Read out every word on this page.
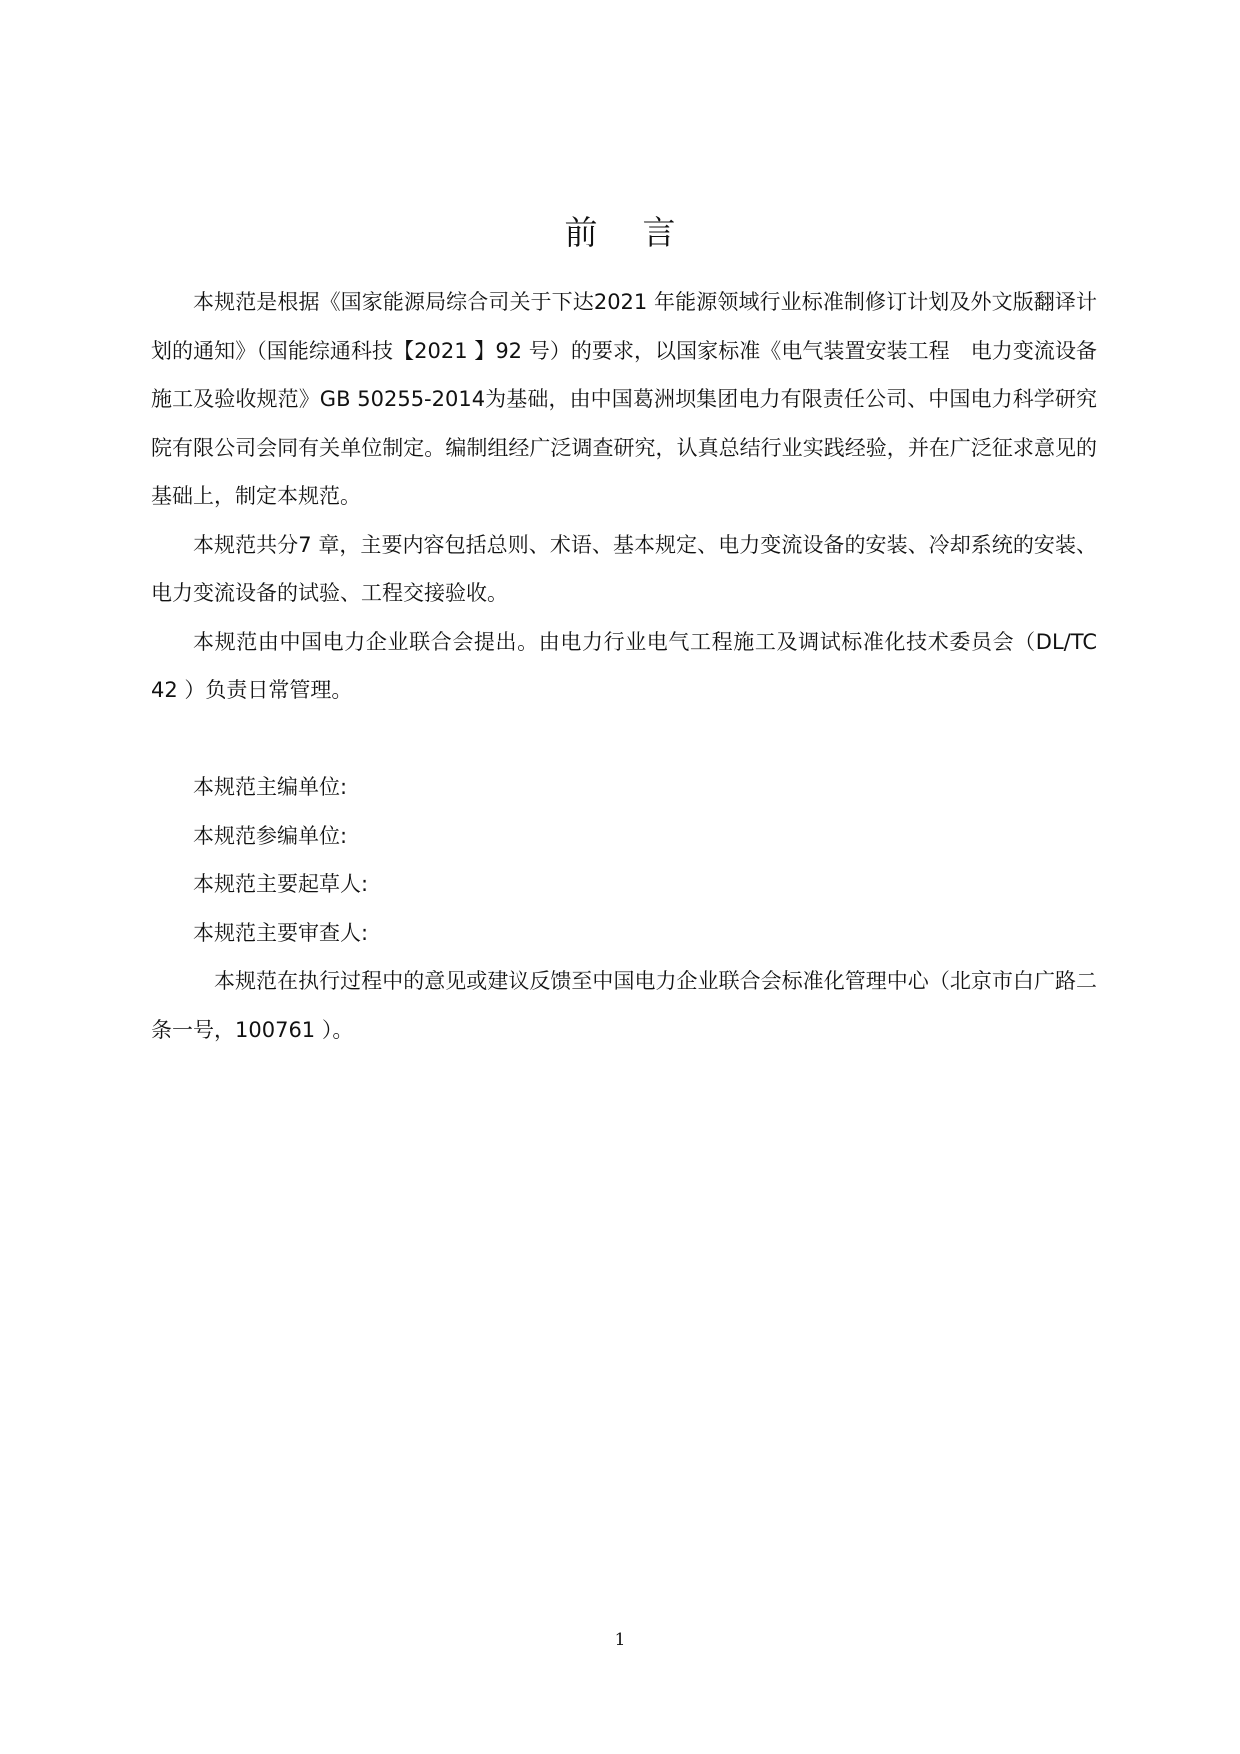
前言

本规范是根据《国家能源局综合司关于下达2021 年能源领域行业标准制修订计划及外文版翻译计划的通知》（国能综通科技【2021 】92 号）的要求，以国家标准《电气装置安装工程　电力变流设备施工及验收规范》GB 50255-2014为基础，由中国葛洲坝集团电力有限责任公司、中国电力科学研究院有限公司会同有关单位制定。编制组经广泛调查研究，认真总结行业实践经验，并在广泛征求意见的基础上，制定本规范。

本规范共分7 章，主要内容包括总则、术语、基本规定、电力变流设备的安装、冷却系统的安装、电力变流设备的试验、工程交接验收。

本规范由中国电力企业联合会提出。由电力行业电气工程施工及调试标准化技术委员会（DL/TC 42 ）负责日常管理。

本规范主编单位:

本规范参编单位:

本规范主要起草人:

本规范主要审查人:

本规范在执行过程中的意见或建议反馈至中国电力企业联合会标准化管理中心（北京市白广路二条一号，100761 ）。

1
